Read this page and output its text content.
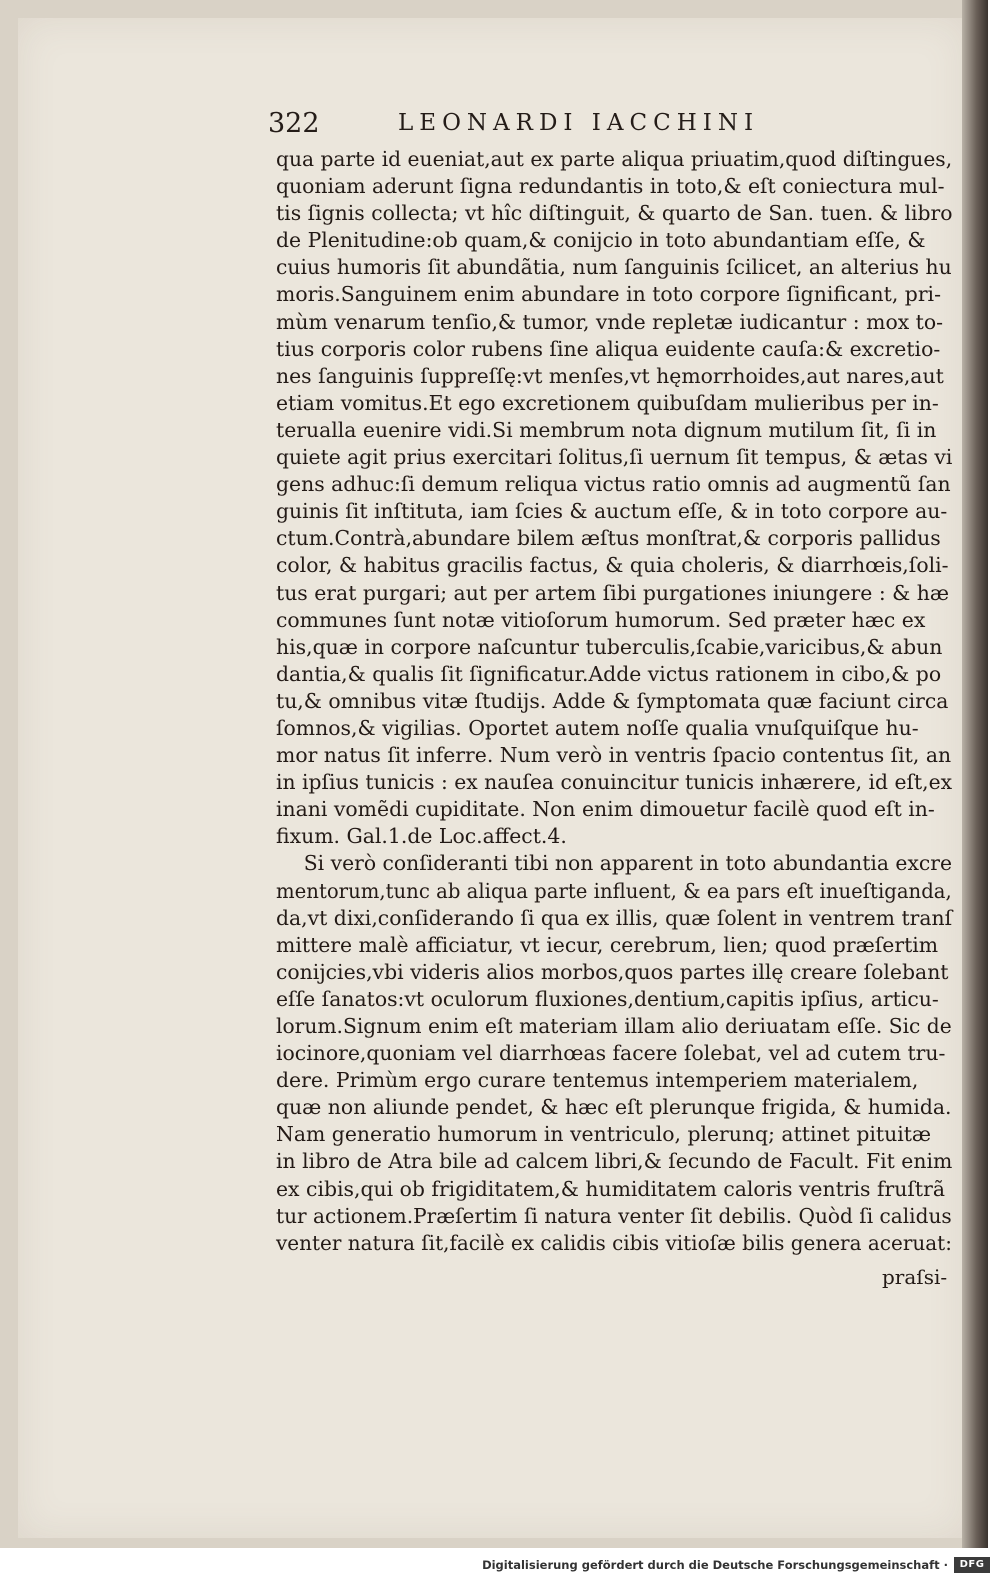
322	LEONARDI IACCHINI
qua parte id eueniat,aut ex parte aliqua priuatim,quod diſtingues,
quoniam aderunt ſigna redundantis in toto,& eſt coniectura mul-
tis ſignis collecta; vt hîc diſtinguit, & quarto de San. tuen. & libro
de Plenitudine:ob quam,& conijcio in toto abundantiam eſſe, &
cuius humoris ſit abundãtia, num ſanguinis ſcilicet, an alterius hu
moris.Sanguinem enim abundare in toto corpore ſignificant, pri-
mùm venarum tenſio,& tumor, vnde repletæ iudicantur : mox to-
tius corporis color rubens ſine aliqua euidente cauſa:& excretio-
nes ſanguinis ſuppreſſę:vt menſes,vt hęmorrhoides,aut nares,aut
etiam vomitus.Et ego excretionem quibuſdam mulieribus per in-
teruallа euenire vidi.Si membrum nota dignum mutilum ſit, ſi in
quiete agit prius exercitari ſolitus,ſi uernum ſit tempus, & ætas vi
gens adhuc:ſi demum reliqua victus ratio omnis ad augmentũ ſan
guinis ſit inſtituta, iam ſcies & auctum eſſe, & in toto corpore au-
ctum.Contrà,abundare bilem æſtus monſtrat,& corporis pallidus
color, & habitus gracilis factus, & quia choleris, & diarrhœis,ſoli-
tus erat purgari; aut per artem ſibi purgationes iniungere : & hæ
communes ſunt notæ vitioſorum humorum. Sed præter hæc ex
his,quæ in corpore naſcuntur tuberculis,ſcabie,varicibus,& abun
dantia,& qualis ſit ſignificatur.Adde victus rationem in cibo,& po
tu,& omnibus vitæ ſtudijs. Adde & ſymptomata quæ faciunt circa
ſomnos,& vigilias. Oportet autem noſſe qualia vnuſquiſque hu-
mor natus ſit inferre. Num verò in ventris ſpacio contentus ſit, an
in ipſius tunicis : ex nauſea conuincitur tunicis inhærere, id eſt,ex
inani vomẽdi cupiditate. Non enim dimouetur facilè quod eſt in-
fixum. Gal.1.de Loc.affect.4.
Si verò conſideranti tibi non apparent in toto abundantia excre
mentorum,tunc ab aliqua parte influent, & ea pars eſt inueſtiganda,
da,vt dixi,conſiderando ſi qua ex illis, quæ ſolent in ventrem tranſ
mittere malè afficiatur, vt iecur, cerebrum, lien; quod præſertim
conijcies,vbi videris alios morbos,quos partes illę creare ſolebant
eſſe ſanatos:vt oculorum fluxiones,dentium,capitis ipſius, articu-
lorum.Signum enim eſt materiam illam alio deriuatam eſſe. Sic de
iocinore,quoniam vel diarrhœas facere ſolebat, vel ad cutem tru-
dere. Primùm ergo curare tentemus intemperiem materialem,
quæ non aliunde pendet, & hæc eſt plerunque frigida, & humida.
Nam generatio humorum in ventriculo, plerunq; attinet pituitæ
in libro de Atra bile ad calcem libri,& ſecundo de Facult. Fit enim
ex cibis,qui ob frigiditatem,& humiditatem caloris ventris fruſtrã
tur actionem.Præſertim ſi natura venter ſit debilis. Quòd ſi calidus
venter natura ſit,facilè ex calidis cibis vitioſæ bilis genera aceruat:
praſsi-
Digitalisierung gefördert durch die Deutsche Forschungsgemeinschaft ·	DFG
